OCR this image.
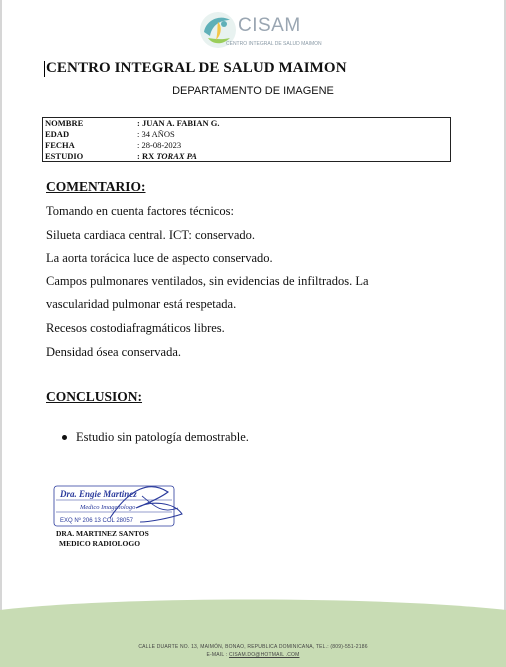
CISAM
CENTRO INTEGRAL DE SALUD MAIMON
CENTRO INTEGRAL DE SALUD MAIMON
DEPARTAMENTO DE IMAGENE
NOMBRE	: JUAN A. FABIAN G.
EDAD	: 34 AÑOS
FECHA	: 28-08-2023
ESTUDIO	: RX TORAX PA
COMENTARIO:
Tomando en cuenta factores técnicos:
Silueta cardiaca central. ICT: conservado.
La aorta torácica luce de aspecto conservado.
Campos pulmonares ventilados, sin evidencias de infiltrados. La
vascularidad pulmonar está respetada.
Recesos costodiafragmáticos libres.
Densidad ósea conservada.
CONCLUSION:
Estudio sin patología demostrable.
Dra. Engie Martinez
Medico Imagenologo
EXQ Nº 206 13 COL 28057
DRA. MARTINEZ SANTOS
MEDICO RADIOLOGO
CALLE DUARTE NO. 13, MAIMÓN, BONAO, REPUBLICA DOMINICANA, TEL.: (809)-551-2186
E-MAIL : CISAM.DO@HOTMAIL .COM
